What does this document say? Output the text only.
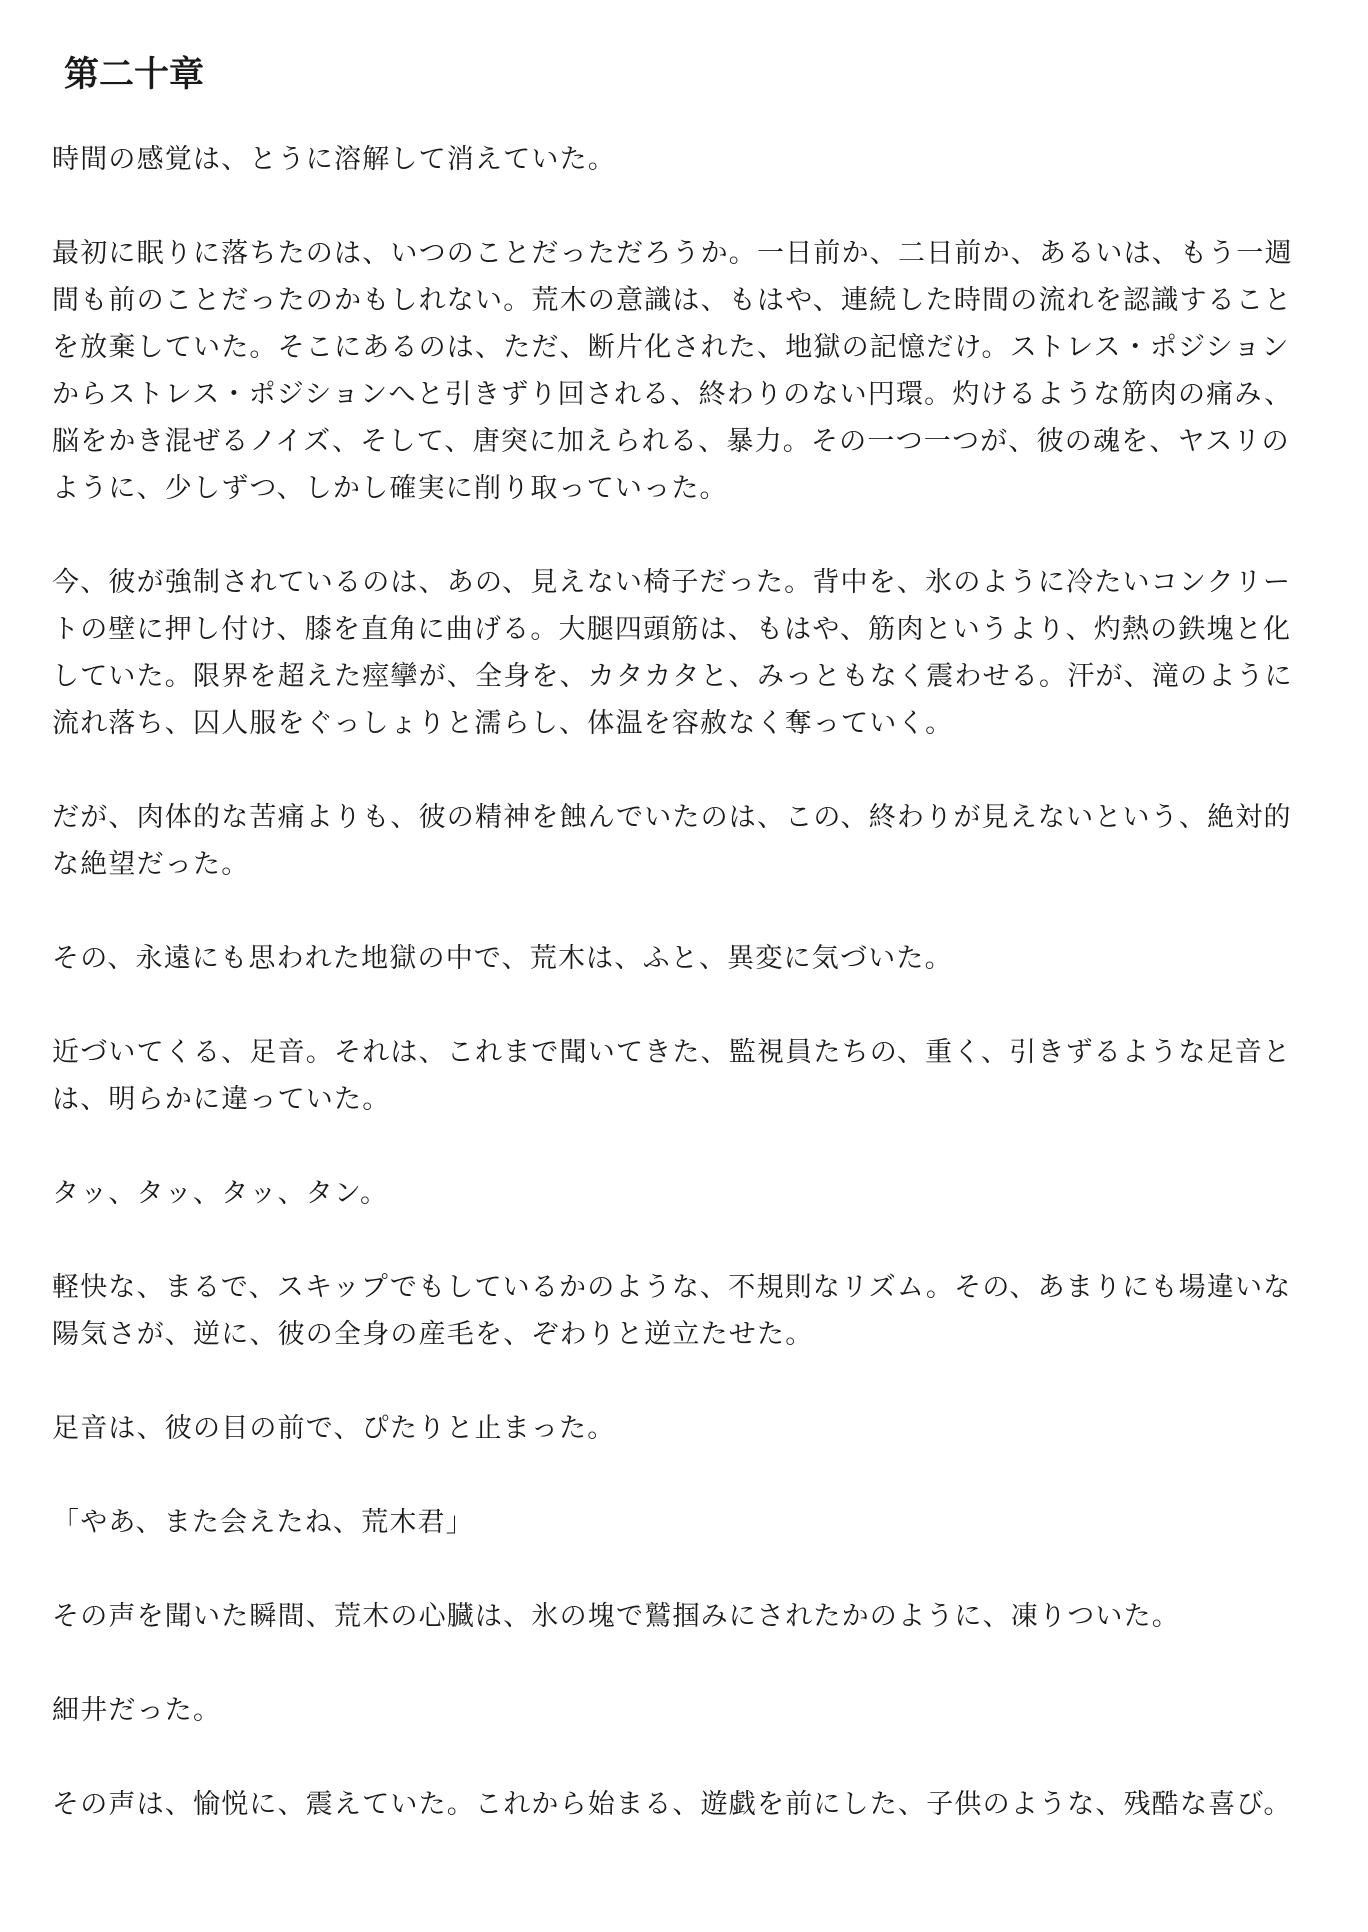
第二十章

時間の感覚は、とうに溶解して消えていた。

最初に眠りに落ちたのは、いつのことだっただろうか。一日前か、二日前か、あるいは、もう一週間も前のことだったのかもしれない。荒木の意識は、もはや、連続した時間の流れを認識することを放棄していた。そこにあるのは、ただ、断片化された、地獄の記憶だけ。ストレス・ポジションからストレス・ポジションへと引きずり回される、終わりのない円環。灼けるような筋肉の痛み、脳をかき混ぜるノイズ、そして、唐突に加えられる、暴力。その一つ一つが、彼の魂を、ヤスリのように、少しずつ、しかし確実に削り取っていった。

今、彼が強制されているのは、あの、見えない椅子だった。背中を、氷のように冷たいコンクリートの壁に押し付け、膝を直角に曲げる。大腿四頭筋は、もはや、筋肉というより、灼熱の鉄塊と化していた。限界を超えた痙攣が、全身を、カタカタと、みっともなく震わせる。汗が、滝のように流れ落ち、囚人服をぐっしょりと濡らし、体温を容赦なく奪っていく。

だが、肉体的な苦痛よりも、彼の精神を蝕んでいたのは、この、終わりが見えないという、絶対的な絶望だった。

その、永遠にも思われた地獄の中で、荒木は、ふと、異変に気づいた。

近づいてくる、足音。それは、これまで聞いてきた、監視員たちの、重く、引きずるような足音とは、明らかに違っていた。

タッ、タッ、タッ、タン。

軽快な、まるで、スキップでもしているかのような、不規則なリズム。その、あまりにも場違いな陽気さが、逆に、彼の全身の産毛を、ぞわりと逆立たせた。

足音は、彼の目の前で、ぴたりと止まった。

「やあ、また会えたね、荒木君」

その声を聞いた瞬間、荒木の心臓は、氷の塊で鷲掴みにされたかのように、凍りついた。

細井だった。

その声は、愉悦に、震えていた。これから始まる、遊戯を前にした、子供のような、残酷な喜び。
